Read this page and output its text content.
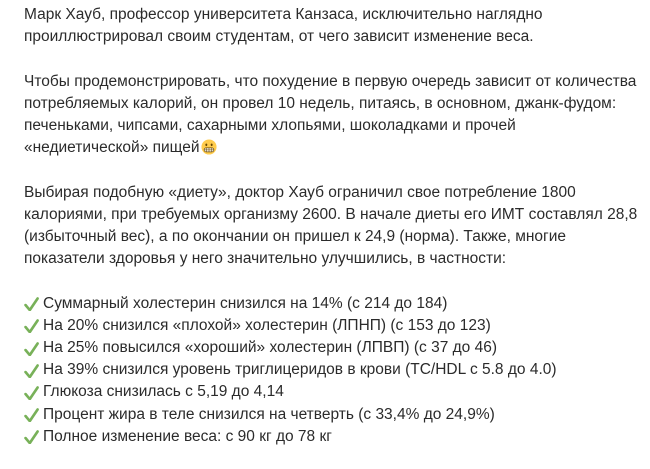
Марк Хауб, профессор университета Канзаса, исключительно наглядно проиллюстрировал своим студентам, от чего зависит изменение веса.

Чтобы продемонстрировать, что похудение в первую очередь зависит от количества потребляемых калорий, он провел 10 недель, питаясь, в основном, джанк-фудом: печеньками, чипсами, сахарными хлопьями, шоколадками и прочей «недиетической» пищей

Выбирая подобную «диету», доктор Хауб ограничил свое потребление 1800 калориями, при требуемых организму 2600. В начале диеты его ИМТ составлял 28,8 (избыточный вес), а по окончании он пришел к 24,9 (норма). Также, многие показатели здоровья у него значительно улучшились, в частности:

Суммарный холестерин снизился на 14% (с 214 до 184)
На 20% снизился «плохой» холестерин (ЛПНП) (с 153 до 123)
На 25% повысился «хороший» холестерин (ЛПВП) (с 37 до 46)
На 39% снизился уровень триглицеридов в крови (TC/HDL с 5.8 до 4.0)
Глюкоза снизилась с 5,19 до 4,14
Процент жира в теле снизился на четверть (с 33,4% до 24,9%)
Полное изменение веса: с 90 кг до 78 кг
